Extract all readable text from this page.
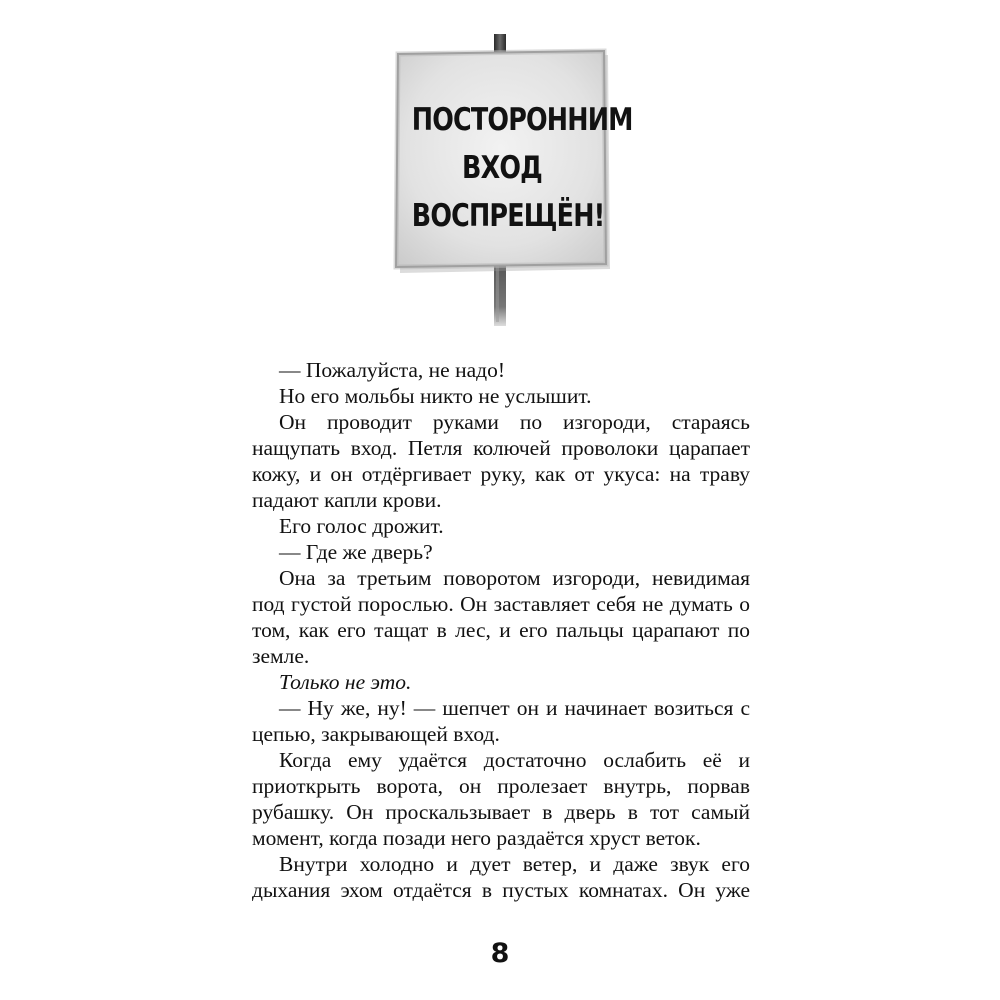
ПОСТОРОННИМ
ВХОД
ВОСПРЕЩЁН!

— Пожалуйста, не надо!

Но его мольбы никто не услышит.

Он проводит руками по изгороди, стараясь нащупать вход. Петля колючей проволоки царапает кожу, и он отдёргивает руку, как от укуса: на траву падают капли крови.

Его голос дрожит.

— Где же дверь?

Она за третьим поворотом изгороди, невидимая под густой порослью. Он заставляет себя не думать о том, как его тащат в лес, и его пальцы царапают по земле.

Только не это.

— Ну же, ну! — шепчет он и начинает возиться с цепью, закрывающей вход.

Когда ему удаётся достаточно ослабить её и приоткрыть ворота, он пролезает внутрь, порвав рубашку. Он проскальзывает в дверь в тот самый момент, когда позади него раздаётся хруст веток.

Внутри холодно и дует ветер, и даже звук его дыхания эхом отдаётся в пустых комнатах. Он уже

8
